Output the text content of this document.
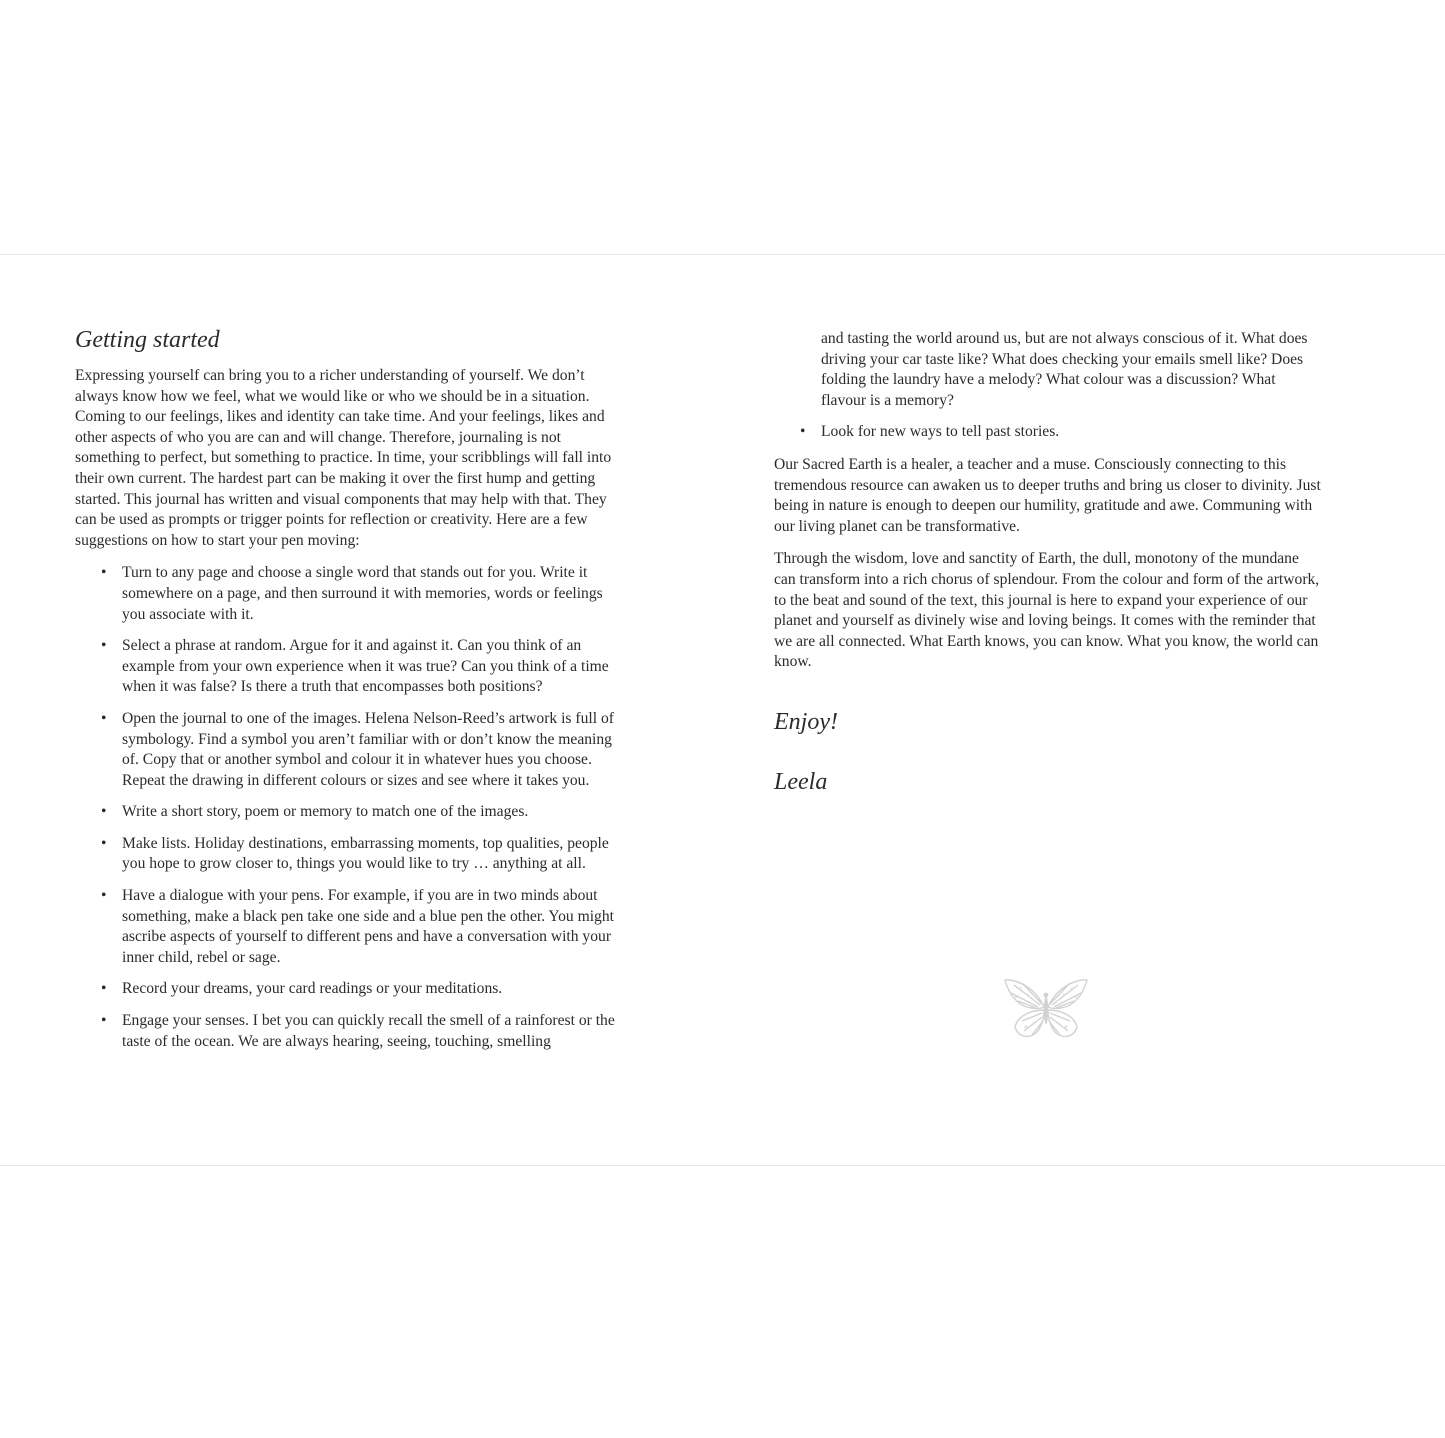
Getting started

Expressing yourself can bring you to a richer understanding of yourself. We don’t always know how we feel, what we would like or who we should be in a situation. Coming to our feelings, likes and identity can take time. And your feelings, likes and other aspects of who you are can and will change. Therefore, journaling is not something to perfect, but something to practice. In time, your scribblings will fall into their own current. The hardest part can be making it over the first hump and getting started. This journal has written and visual components that may help with that. They can be used as prompts or trigger points for reflection or creativity. Here are a few suggestions on how to start your pen moving:

• Turn to any page and choose a single word that stands out for you. Write it somewhere on a page, and then surround it with memories, words or feelings you associate with it.
• Select a phrase at random. Argue for it and against it. Can you think of an example from your own experience when it was true? Can you think of a time when it was false? Is there a truth that encompasses both positions?
• Open the journal to one of the images. Helena Nelson-Reed’s artwork is full of symbology. Find a symbol you aren’t familiar with or don’t know the meaning of. Copy that or another symbol and colour it in whatever hues you choose. Repeat the drawing in different colours or sizes and see where it takes you.
• Write a short story, poem or memory to match one of the images.
• Make lists. Holiday destinations, embarrassing moments, top qualities, people you hope to grow closer to, things you would like to try … anything at all.
• Have a dialogue with your pens. For example, if you are in two minds about something, make a black pen take one side and a blue pen the other. You might ascribe aspects of yourself to different pens and have a conversation with your inner child, rebel or sage.
• Record your dreams, your card readings or your meditations.
• Engage your senses. I bet you can quickly recall the smell of a rainforest or the taste of the ocean. We are always hearing, seeing, touching, smelling
and tasting the world around us, but are not always conscious of it. What does driving your car taste like? What does checking your emails smell like? Does folding the laundry have a melody? What colour was a discussion? What flavour is a memory?
• Look for new ways to tell past stories.

Our Sacred Earth is a healer, a teacher and a muse. Consciously connecting to this tremendous resource can awaken us to deeper truths and bring us closer to divinity. Just being in nature is enough to deepen our humility, gratitude and awe. Communing with our living planet can be transformative.

Through the wisdom, love and sanctity of Earth, the dull, monotony of the mundane can transform into a rich chorus of splendour. From the colour and form of the artwork, to the beat and sound of the text, this journal is here to expand your experience of our planet and yourself as divinely wise and loving beings. It comes with the reminder that we are all connected. What Earth knows, you can know. What you know, the world can know.

Enjoy!
Leela
